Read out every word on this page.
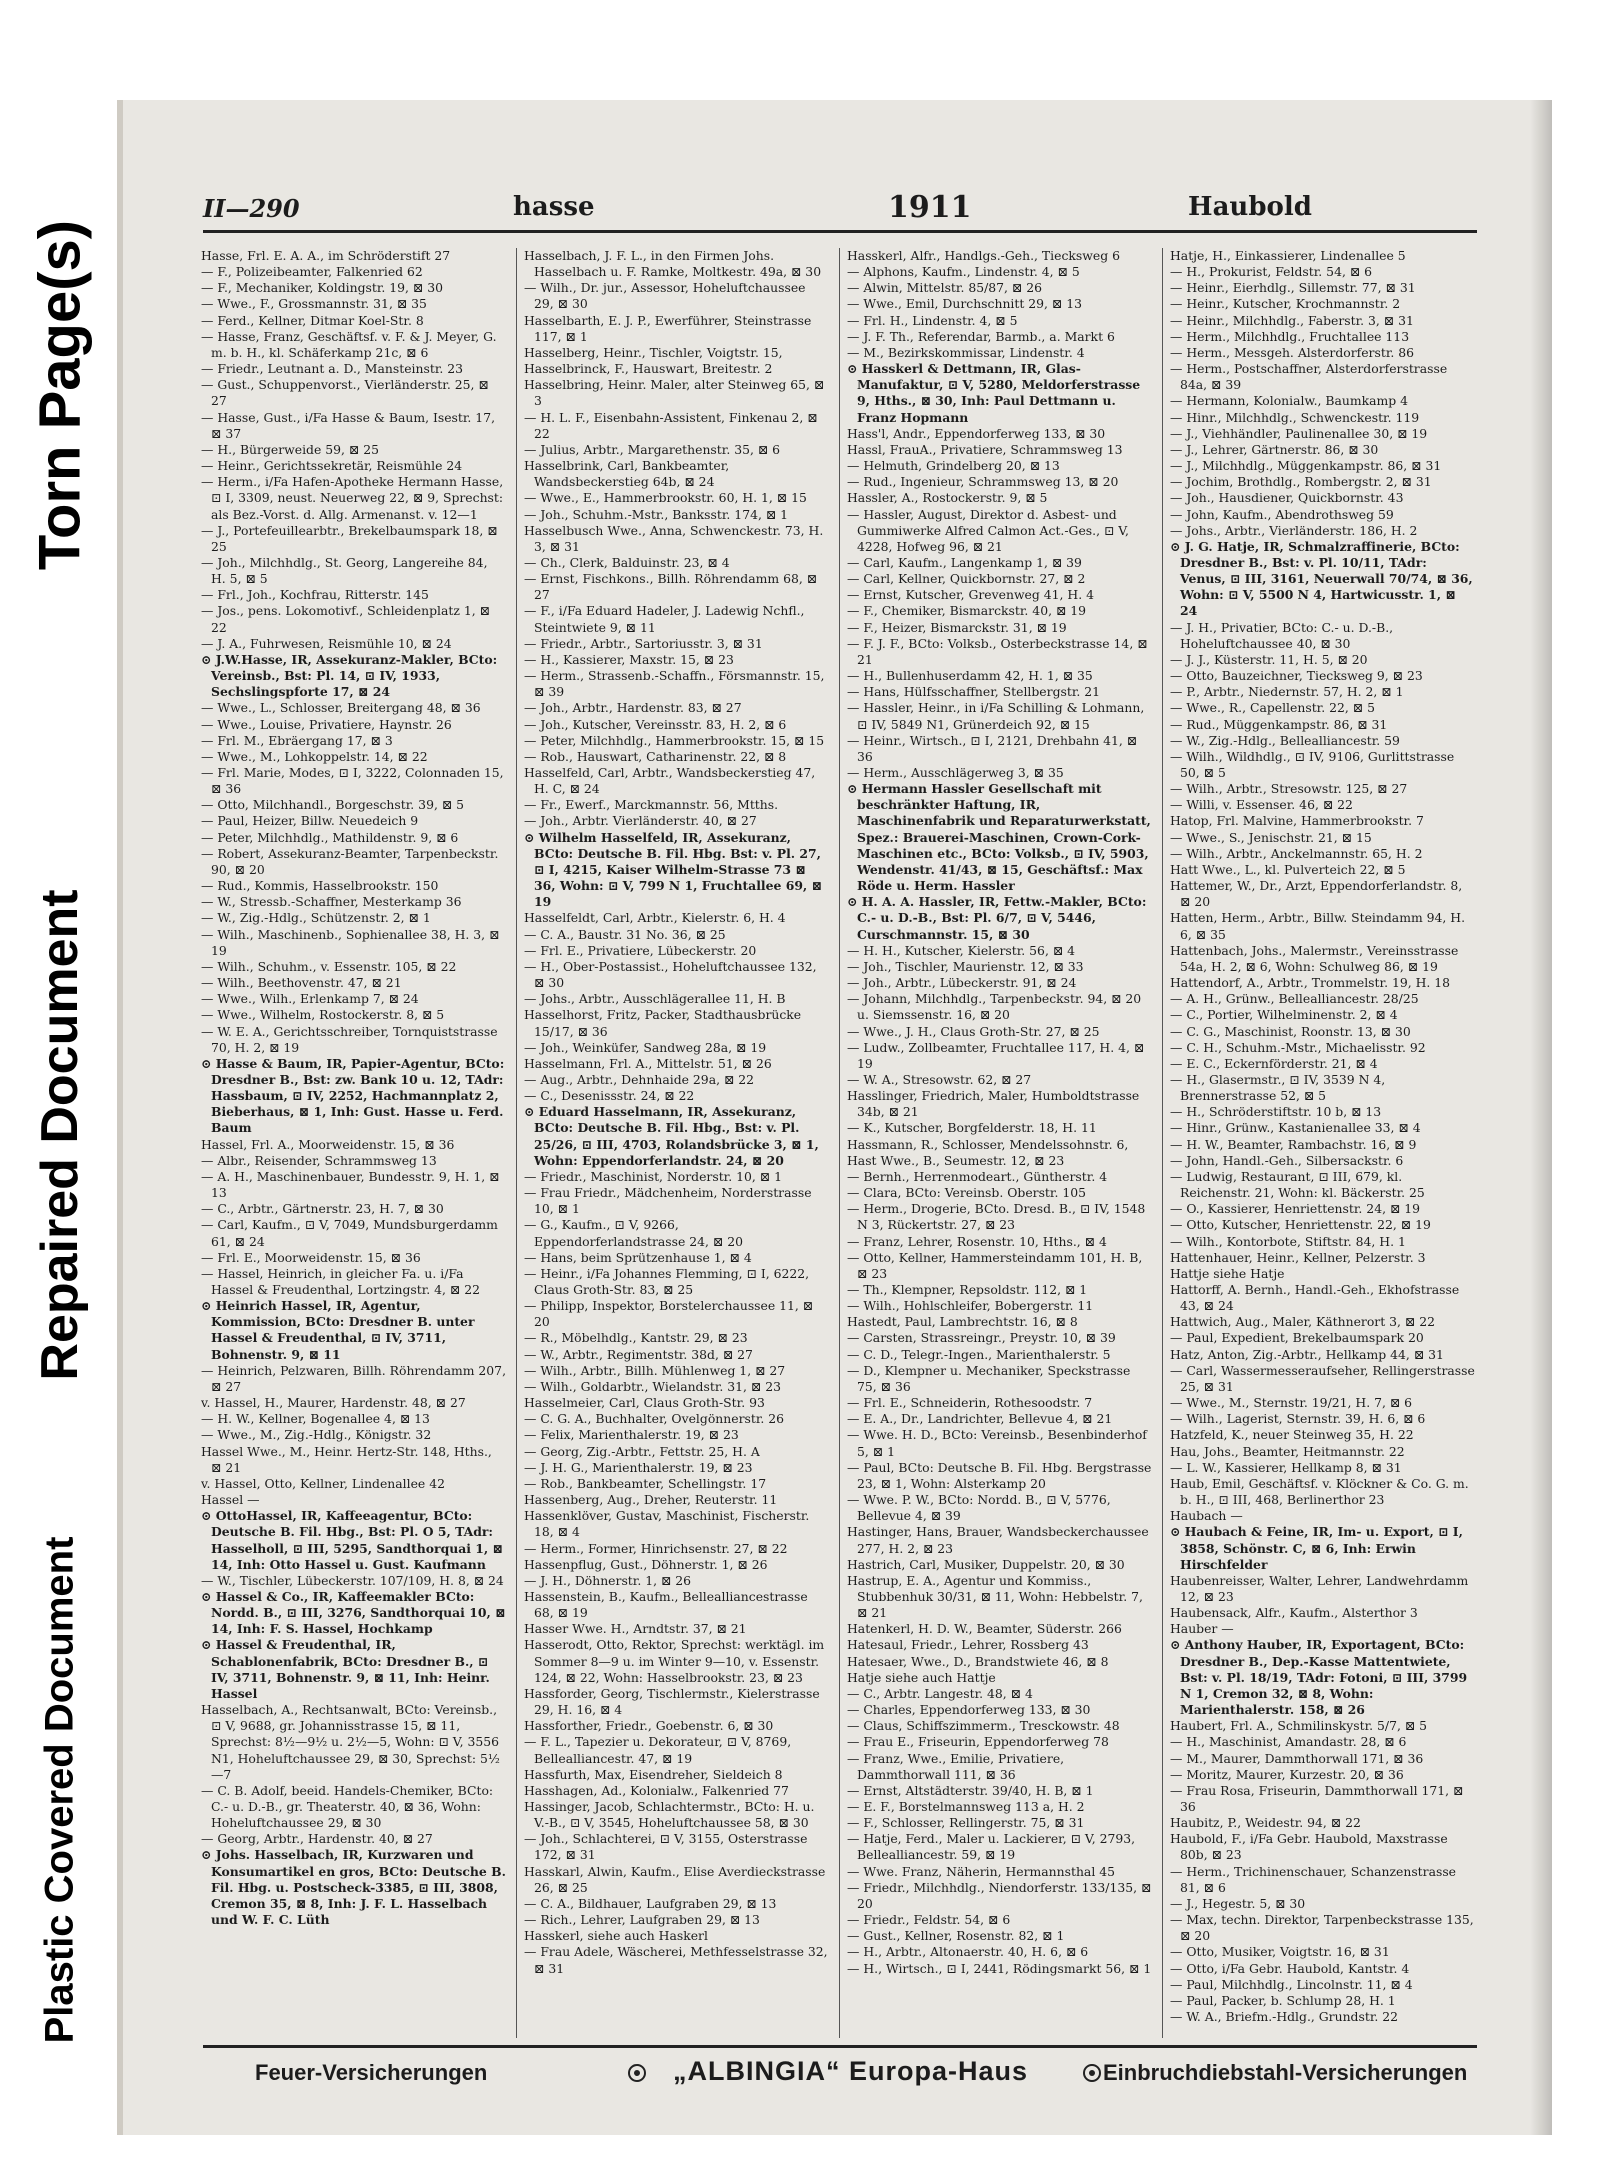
Torn Page(s)
Repaired Document
Plastic Covered Document
II—290	hasse	1911	Haubold

Hasse, Frl. E. A. A., im Schröderstift 27

— F., Polizeibeamter, Falkenried 62

— F., Mechaniker, Koldingstr. 19, ⊠ 30

— Wwe., F., Grossmannstr. 31, ⊠ 35

— Ferd., Kellner, Ditmar Koel-Str. 8

— Hasse, Franz, Geschäftsf. v. F. & J. Meyer, G. m. b. H., kl. Schäferkamp 21c, ⊠ 6

— Friedr., Leutnant a. D., Mansteinstr. 23

— Gust., Schuppenvorst., Vierländerstr. 25, ⊠ 27

— Hasse, Gust., i/Fa Hasse & Baum, Isestr. 17, ⊠ 37

— H., Bürgerweide 59, ⊠ 25

— Heinr., Gerichtssekretär, Reismühle 24

— Herm., i/Fa Hafen-Apotheke Hermann Hasse, ⊡ I, 3309, neust. Neuerweg 22, ⊠ 9, Sprechst: als Bez.-Vorst. d. Allg. Armenanst. v. 12—1

— J., Portefeuillearbtr., Brekelbaumspark 18, ⊠ 25

— Joh., Milchhdlg., St. Georg, Langereihe 84, H. 5, ⊠ 5

— Frl., Joh., Kochfrau, Ritterstr. 145

— Jos., pens. Lokomotivf., Schleidenplatz 1, ⊠ 22

— J. A., Fuhrwesen, Reismühle 10, ⊠ 24

⊙ J.W.Hasse, IR, Assekuranz-Makler, BCto: Vereinsb., Bst: Pl. 14, ⊡ IV, 1933, Sechslingspforte 17, ⊠ 24

— Wwe., L., Schlosser, Breitergang 48, ⊠ 36

— Wwe., Louise, Privatiere, Haynstr. 26

— Frl. M., Ebräergang 17, ⊠ 3

— Wwe., M., Lohkoppelstr. 14, ⊠ 22

— Frl. Marie, Modes, ⊡ I, 3222, Colonnaden 15, ⊠ 36

— Otto, Milchhandl., Borgeschstr. 39, ⊠ 5

— Paul, Heizer, Billw. Neuedeich 9

— Peter, Milchhdlg., Mathildenstr. 9, ⊠ 6

— Robert, Assekuranz-Beamter, Tarpenbeckstr. 90, ⊠ 20

— Rud., Kommis, Hasselbrookstr. 150

— W., Stressb.-Schaffner, Mesterkamp 36

— W., Zig.-Hdlg., Schützenstr. 2, ⊠ 1

— Wilh., Maschinenb., Sophienallee 38, H. 3, ⊠ 19

— Wilh., Schuhm., v. Essenstr. 105, ⊠ 22

— Wilh., Beethovenstr. 47, ⊠ 21

— Wwe., Wilh., Erlenkamp 7, ⊠ 24

— Wwe., Wilhelm, Rostockerstr. 8, ⊠ 5

— W. E. A., Gerichtsschreiber, Tornquiststrasse 70, H. 2, ⊠ 19

⊙ Hasse & Baum, IR, Papier-Agentur, BCto: Dresdner B., Bst: zw. Bank 10 u. 12, TAdr: Hassbaum, ⊡ IV, 2252, Hachmannplatz 2, Bieberhaus, ⊠ 1, Inh: Gust. Hasse u. Ferd. Baum

Hassel, Frl. A., Moorweidenstr. 15, ⊠ 36

— Albr., Reisender, Schrammsweg 13

— A. H., Maschinenbauer, Bundesstr. 9, H. 1, ⊠ 13

— C., Arbtr., Gärtnerstr. 23, H. 7, ⊠ 30

— Carl, Kaufm., ⊡ V, 7049, Mundsburgerdamm 61, ⊠ 24

— Frl. E., Moorweidenstr. 15, ⊠ 36

— Hassel, Heinrich, in gleicher Fa. u. i/Fa Hassel & Freudenthal, Lortzingstr. 4, ⊠ 22

⊙ Heinrich Hassel, IR, Agentur, Kommission, BCto: Dresdner B. unter Hassel & Freudenthal, ⊡ IV, 3711, Bohnenstr. 9, ⊠ 11

— Heinrich, Pelzwaren, Billh. Röhrendamm 207, ⊠ 27

v. Hassel, H., Maurer, Hardenstr. 48, ⊠ 27

— H. W., Kellner, Bogenallee 4, ⊠ 13

— Wwe., M., Zig.-Hdlg., Königstr. 32

Hassel Wwe., M., Heinr. Hertz-Str. 148, Hths., ⊠ 21

v. Hassel, Otto, Kellner, Lindenallee 42

Hassel —

⊙ OttoHassel, IR, Kaffeeagentur, BCto: Deutsche B. Fil. Hbg., Bst: Pl. O 5, TAdr: Hasselholl, ⊡ III, 5295, Sandthorquai 1, ⊠ 14, Inh: Otto Hassel u. Gust. Kaufmann

— W., Tischler, Lübeckerstr. 107/109, H. 8, ⊠ 24

⊙ Hassel & Co., IR, Kaffeemakler BCto: Nordd. B., ⊡ III, 3276, Sandthorquai 10, ⊠ 14, Inh: F. S. Hassel, Hochkamp

⊙ Hassel & Freudenthal, IR, Schablonenfabrik, BCto: Dresdner B., ⊡ IV, 3711, Bohnenstr. 9, ⊠ 11, Inh: Heinr. Hassel

Hasselbach, A., Rechtsanwalt, BCto: Vereinsb., ⊡ V, 9688, gr. Johannisstrasse 15, ⊠ 11, Sprechst: 8½—9½ u. 2½—5, Wohn: ⊡ V, 3556 N1, Hoheluftchaussee 29, ⊠ 30, Sprechst: 5½—7

— C. B. Adolf, beeid. Handels-Chemiker, BCto: C.- u. D.-B., gr. Theaterstr. 40, ⊠ 36, Wohn: Hoheluftchaussee 29, ⊠ 30

— Georg, Arbtr., Hardenstr. 40, ⊠ 27

⊙ Johs. Hasselbach, IR, Kurzwaren und Konsumartikel en gros, BCto: Deutsche B. Fil. Hbg. u. Postscheck-3385, ⊡ III, 3808, Cremon 35, ⊠ 8, Inh: J. F. L. Hasselbach und W. F. C. Lüth

Hasselbach, J. F. L., in den Firmen Johs. Hasselbach u. F. Ramke, Moltkestr. 49a, ⊠ 30

— Wilh., Dr. jur., Assessor, Hoheluftchaussee 29, ⊠ 30

Hasselbarth, E. J. P., Ewerführer, Steinstrasse 117, ⊠ 1

Hasselberg, Heinr., Tischler, Voigtstr. 15,

Hasselbrinck, F., Hauswart, Breitestr. 2

Hasselbring, Heinr. Maler, alter Steinweg 65, ⊠ 3

— H. L. F., Eisenbahn-Assistent, Finkenau 2, ⊠ 22

— Julius, Arbtr., Margarethenstr. 35, ⊠ 6

Hasselbrink, Carl, Bankbeamter, Wandsbeckerstieg 64b, ⊠ 24

— Wwe., E., Hammerbrookstr. 60, H. 1, ⊠ 15

— Joh., Schuhm.-Mstr., Banksstr. 174, ⊠ 1

Hasselbusch Wwe., Anna, Schwenckestr. 73, H. 3, ⊠ 31

— Ch., Clerk, Balduinstr. 23, ⊠ 4

— Ernst, Fischkons., Billh. Röhrendamm 68, ⊠ 27

— F., i/Fa Eduard Hadeler, J. Ladewig Nchfl., Steintwiete 9, ⊠ 11

— Friedr., Arbtr., Sartoriusstr. 3, ⊠ 31

— H., Kassierer, Maxstr. 15, ⊠ 23

— Herm., Strassenb.-Schaffn., Försmannstr. 15, ⊠ 39

— Joh., Arbtr., Hardenstr. 83, ⊠ 27

— Joh., Kutscher, Vereinsstr. 83, H. 2, ⊠ 6

— Peter, Milchhdlg., Hammerbrookstr. 15, ⊠ 15

— Rob., Hauswart, Catharinenstr. 22, ⊠ 8

Hasselfeld, Carl, Arbtr., Wandsbeckerstieg 47, H. C, ⊠ 24

— Fr., Ewerf., Marckmannstr. 56, Mtths.

— Joh., Arbtr. Vierländerstr. 40, ⊠ 27

⊙ Wilhelm Hasselfeld, IR, Assekuranz, BCto: Deutsche B. Fil. Hbg. Bst: v. Pl. 27, ⊡ I, 4215, Kaiser Wilhelm-Strasse 73 ⊠ 36, Wohn: ⊡ V, 799 N 1, Fruchtallee 69, ⊠ 19

Hasselfeldt, Carl, Arbtr., Kielerstr. 6, H. 4

— C. A., Baustr. 31 No. 36, ⊠ 25

— Frl. E., Privatiere, Lübeckerstr. 20

— H., Ober-Postassist., Hoheluftchaussee 132, ⊠ 30

— Johs., Arbtr., Ausschlägerallee 11, H. B

Hasselhorst, Fritz, Packer, Stadthausbrücke 15/17, ⊠ 36

— Joh., Weinküfer, Sandweg 28a, ⊠ 19

Hasselmann, Frl. A., Mittelstr. 51, ⊠ 26

— Aug., Arbtr., Dehnhaide 29a, ⊠ 22

— C., Desenissstr. 24, ⊠ 22

⊙ Eduard Hasselmann, IR, Assekuranz, BCto: Deutsche B. Fil. Hbg., Bst: v. Pl. 25/26, ⊡ III, 4703, Rolandsbrücke 3, ⊠ 1, Wohn: Eppendorferlandstr. 24, ⊠ 20

— Friedr., Maschinist, Norderstr. 10, ⊠ 1

— Frau Friedr., Mädchenheim, Norderstrasse 10, ⊠ 1

— G., Kaufm., ⊡ V, 9266, Eppendorferlandstrasse 24, ⊠ 20

— Hans, beim Sprützenhause 1, ⊠ 4

— Heinr., i/Fa Johannes Flemming, ⊡ I, 6222, Claus Groth-Str. 83, ⊠ 25

— Philipp, Inspektor, Borstelerchaussee 11, ⊠ 20

— R., Möbelhdlg., Kantstr. 29, ⊠ 23

— W., Arbtr., Regimentstr. 38d, ⊠ 27

— Wilh., Arbtr., Billh. Mühlenweg 1, ⊠ 27

— Wilh., Goldarbtr., Wielandstr. 31, ⊠ 23

Hasselmeier, Carl, Claus Groth-Str. 93

— C. G. A., Buchhalter, Ovelgönnerstr. 26

— Felix, Marienthalerstr. 19, ⊠ 23

— Georg, Zig.-Arbtr., Fettstr. 25, H. A

— J. H. G., Marienthalerstr. 19, ⊠ 23

— Rob., Bankbeamter, Schellingstr. 17

Hassenberg, Aug., Dreher, Reuterstr. 11

Hassenklöver, Gustav, Maschinist, Fischerstr. 18, ⊠ 4

— Herm., Former, Hinrichsenstr. 27, ⊠ 22

Hassenpflug, Gust., Döhnerstr. 1, ⊠ 26

— J. H., Döhnerstr. 1, ⊠ 26

Hassenstein, B., Kaufm., Bellealliancestrasse 68, ⊠ 19

Hasser Wwe. H., Arndtstr. 37, ⊠ 21

Hasserodt, Otto, Rektor, Sprechst: werktägl. im Sommer 8—9 u. im Winter 9—10, v. Essenstr. 124, ⊠ 22, Wohn: Hasselbrookstr. 23, ⊠ 23

Hassforder, Georg, Tischlermstr., Kielerstrasse 29, H. 16, ⊠ 4

Hassforther, Friedr., Goebenstr. 6, ⊠ 30

— F. L., Tapezier u. Dekorateur, ⊡ V, 8769, Bellealliancestr. 47, ⊠ 19

Hassfurth, Max, Eisendreher, Sieldeich 8

Hasshagen, Ad., Kolonialw., Falkenried 77

Hassinger, Jacob, Schlachtermstr., BCto: H. u. V.-B., ⊡ V, 3545, Hoheluftchaussee 58, ⊠ 30

— Joh., Schlachterei, ⊡ V, 3155, Osterstrasse 172, ⊠ 31

Hasskarl, Alwin, Kaufm., Elise Averdieckstrasse 26, ⊠ 25

— C. A., Bildhauer, Laufgraben 29, ⊠ 13

— Rich., Lehrer, Laufgraben 29, ⊠ 13

Hasskerl, siehe auch Haskerl

— Frau Adele, Wäscherei, Methfesselstrasse 32, ⊠ 31

Hasskerl, Alfr., Handlgs.-Geh., Tiecksweg 6

— Alphons, Kaufm., Lindenstr. 4, ⊠ 5

— Alwin, Mittelstr. 85/87, ⊠ 26

— Wwe., Emil, Durchschnitt 29, ⊠ 13

— Frl. H., Lindenstr. 4, ⊠ 5

— J. F. Th., Referendar, Barmb., a. Markt 6

— M., Bezirkskommissar, Lindenstr. 4

⊙ Hasskerl & Dettmann, IR, Glas-Manufaktur, ⊡ V, 5280, Meldorferstrasse 9, Hths., ⊠ 30, Inh: Paul Dettmann u. Franz Hopmann

Hass'l, Andr., Eppendorferweg 133, ⊠ 30

Hassl, FrauA., Privatiere, Schrammsweg 13

— Helmuth, Grindelberg 20, ⊠ 13

— Rud., Ingenieur, Schrammsweg 13, ⊠ 20

Hassler, A., Rostockerstr. 9, ⊠ 5

— Hassler, August, Direktor d. Asbest- und Gummiwerke Alfred Calmon Act.-Ges., ⊡ V, 4228, Hofweg 96, ⊠ 21

— Carl, Kaufm., Langenkamp 1, ⊠ 39

— Carl, Kellner, Quickbornstr. 27, ⊠ 2

— Ernst, Kutscher, Grevenweg 41, H. 4

— F., Chemiker, Bismarckstr. 40, ⊠ 19

— F., Heizer, Bismarckstr. 31, ⊠ 19

— F. J. F., BCto: Volksb., Osterbeckstrasse 14, ⊠ 21

— H., Bullenhuserdamm 42, H. 1, ⊠ 35

— Hans, Hülfsschaffner, Stellbergstr. 21

— Hassler, Heinr., in i/Fa Schilling & Lohmann, ⊡ IV, 5849 N1, Grünerdeich 92, ⊠ 15

— Heinr., Wirtsch., ⊡ I, 2121, Drehbahn 41, ⊠ 36

— Herm., Ausschlägerweg 3, ⊠ 35

⊙ Hermann Hassler Gesellschaft mit beschränkter Haftung, IR, Maschinenfabrik und Reparaturwerkstatt, Spez.: Brauerei-Maschinen, Crown-Cork-Maschinen etc., BCto: Volksb., ⊡ IV, 5903, Wendenstr. 41/43, ⊠ 15, Geschäftsf.: Max Röde u. Herm. Hassler

⊙ H. A. A. Hassler, IR, Fettw.-Makler, BCto: C.- u. D.-B., Bst: Pl. 6/7, ⊡ V, 5446, Curschmannstr. 15, ⊠ 30

— H. H., Kutscher, Kielerstr. 56, ⊠ 4

— Joh., Tischler, Maurienstr. 12, ⊠ 33

— Joh., Arbtr., Lübeckerstr. 91, ⊠ 24

— Johann, Milchhdlg., Tarpenbeckstr. 94, ⊠ 20 u. Siemssenstr. 16, ⊠ 20

— Wwe., J. H., Claus Groth-Str. 27, ⊠ 25

— Ludw., Zollbeamter, Fruchtallee 117, H. 4, ⊠ 19

— W. A., Stresowstr. 62, ⊠ 27

Hasslinger, Friedrich, Maler, Humboldtstrasse 34b, ⊠ 21

— K., Kutscher, Borgfelderstr. 18, H. 11

Hassmann, R., Schlosser, Mendelssohnstr. 6,

Hast Wwe., B., Seumestr. 12, ⊠ 23

— Bernh., Herrenmodeart., Güntherstr. 4

— Clara, BCto: Vereinsb. Oberstr. 105

— Herm., Drogerie, BCto. Dresd. B., ⊡ IV, 1548 N 3, Rückertstr. 27, ⊠ 23

— Franz, Lehrer, Rosenstr. 10, Hths., ⊠ 4

— Otto, Kellner, Hammersteindamm 101, H. B, ⊠ 23

— Th., Klempner, Repsoldstr. 112, ⊠ 1

— Wilh., Hohlschleifer, Bobergerstr. 11

Hastedt, Paul, Lambrechtstr. 16, ⊠ 8

— Carsten, Strassreingr., Preystr. 10, ⊠ 39

— C. D., Telegr.-Ingen., Marienthalerstr. 5

— D., Klempner u. Mechaniker, Speckstrasse 75, ⊠ 36

— Frl. E., Schneiderin, Rothesoodstr. 7

— E. A., Dr., Landrichter, Bellevue 4, ⊠ 21

— Wwe. H. D., BCto: Vereinsb., Besenbinderhof 5, ⊠ 1

— Paul, BCto: Deutsche B. Fil. Hbg. Bergstrasse 23, ⊠ 1, Wohn: Alsterkamp 20

— Wwe. P. W., BCto: Nordd. B., ⊡ V, 5776, Bellevue 4, ⊠ 39

Hastinger, Hans, Brauer, Wandsbeckerchaussee 277, H. 2, ⊠ 23

Hastrich, Carl, Musiker, Duppelstr. 20, ⊠ 30

Hastrup, E. A., Agentur und Kommiss., Stubbenhuk 30/31, ⊠ 11, Wohn: Hebbelstr. 7, ⊠ 21

Hatenkerl, H. D. W., Beamter, Süderstr. 266

Hatesaul, Friedr., Lehrer, Rossberg 43

Hatesaer, Wwe., D., Brandstwiete 46, ⊠ 8

Hatje siehe auch Hattje

— C., Arbtr. Langestr. 48, ⊠ 4

— Charles, Eppendorferweg 133, ⊠ 30

— Claus, Schiffszimmerm., Tresckowstr. 48

— Frau E., Friseurin, Eppendorferweg 78

— Franz, Wwe., Emilie, Privatiere, Dammthorwall 111, ⊠ 36

— Ernst, Altstädterstr. 39/40, H. B, ⊠ 1

— E. F., Borstelmannsweg 113 a, H. 2

— F., Schlosser, Rellingerstr. 75, ⊠ 31

— Hatje, Ferd., Maler u. Lackierer, ⊡ V, 2793, Bellealliancestr. 59, ⊠ 19

— Wwe. Franz, Näherin, Hermannsthal 45

— Friedr., Milchhdlg., Niendorferstr. 133/135, ⊠ 20

— Friedr., Feldstr. 54, ⊠ 6

— Gust., Kellner, Rosenstr. 82, ⊠ 1

— H., Arbtr., Altonaerstr. 40, H. 6, ⊠ 6

— H., Wirtsch., ⊡ I, 2441, Rödingsmarkt 56, ⊠ 1

Hatje, H., Einkassierer, Lindenallee 5

— H., Prokurist, Feldstr. 54, ⊠ 6

— Heinr., Eierhdlg., Sillemstr. 77, ⊠ 31

— Heinr., Kutscher, Krochmannstr. 2

— Heinr., Milchhdlg., Faberstr. 3, ⊠ 31

— Herm., Milchhdlg., Fruchtallee 113

— Herm., Messgeh. Alsterdorferstr. 86

— Herm., Postschaffner, Alsterdorferstrasse 84a, ⊠ 39

— Hermann, Kolonialw., Baumkamp 4

— Hinr., Milchhdlg., Schwenckestr. 119

— J., Viehhändler, Paulinenallee 30, ⊠ 19

— J., Lehrer, Gärtnerstr. 86, ⊠ 30

— J., Milchhdlg., Müggenkampstr. 86, ⊠ 31

— Jochim, Brothdlg., Rombergstr. 2, ⊠ 31

— Joh., Hausdiener, Quickbornstr. 43

— John, Kaufm., Abendrothsweg 59

— Johs., Arbtr., Vierländerstr. 186, H. 2

⊙ J. G. Hatje, IR, Schmalzraffinerie, BCto: Dresdner B., Bst: v. Pl. 10/11, TAdr: Venus, ⊡ III, 3161, Neuerwall 70/74, ⊠ 36, Wohn: ⊡ V, 5500 N 4, Hartwicusstr. 1, ⊠ 24

— J. H., Privatier, BCto: C.- u. D.-B., Hoheluftchaussee 40, ⊠ 30

— J. J., Küsterstr. 11, H. 5, ⊠ 20

— Otto, Bauzeichner, Tiecksweg 9, ⊠ 23

— P., Arbtr., Niedernstr. 57, H. 2, ⊠ 1

— Wwe., R., Capellenstr. 22, ⊠ 5

— Rud., Müggenkampstr. 86, ⊠ 31

— W., Zig.-Hdlg., Bellealliancestr. 59

— Wilh., Wildhdlg., ⊡ IV, 9106, Gurlittstrasse 50, ⊠ 5

— Wilh., Arbtr., Stresowstr. 125, ⊠ 27

— Willi, v. Essenser. 46, ⊠ 22

Hatop, Frl. Malvine, Hammerbrookstr. 7

— Wwe., S., Jenischstr. 21, ⊠ 15

— Wilh., Arbtr., Anckelmannstr. 65, H. 2

Hatt Wwe., L., kl. Pulverteich 22, ⊠ 5

Hattemer, W., Dr., Arzt, Eppendorferlandstr. 8, ⊠ 20

Hatten, Herm., Arbtr., Billw. Steindamm 94, H. 6, ⊠ 35

Hattenbach, Johs., Malermstr., Vereinsstrasse 54a, H. 2, ⊠ 6, Wohn: Schulweg 86, ⊠ 19

Hattendorf, A., Arbtr., Trommelstr. 19, H. 18

— A. H., Grünw., Bellealliancestr. 28/25

— C., Portier, Wilhelminenstr. 2, ⊠ 4

— C. G., Maschinist, Roonstr. 13, ⊠ 30

— C. H., Schuhm.-Mstr., Michaelisstr. 92

— E. C., Eckernförderstr. 21, ⊠ 4

— H., Glasermstr., ⊡ IV, 3539 N 4, Brennerstrasse 52, ⊠ 5

— H., Schröderstiftstr. 10 b, ⊠ 13

— Hinr., Grünw., Kastanienallee 33, ⊠ 4

— H. W., Beamter, Rambachstr. 16, ⊠ 9

— John, Handl.-Geh., Silbersackstr. 6

— Ludwig, Restaurant, ⊡ III, 679, kl. Reichenstr. 21, Wohn: kl. Bäckerstr. 25

— O., Kassierer, Henriettenstr. 24, ⊠ 19

— Otto, Kutscher, Henriettenstr. 22, ⊠ 19

— Wilh., Kontorbote, Stiftstr. 84, H. 1

Hattenhauer, Heinr., Kellner, Pelzerstr. 3

Hattje siehe Hatje

Hattorff, A. Bernh., Handl.-Geh., Ekhofstrasse 43, ⊠ 24

Hattwich, Aug., Maler, Käthnerort 3, ⊠ 22

— Paul, Expedient, Brekelbaumspark 20

Hatz, Anton, Zig.-Arbtr., Hellkamp 44, ⊠ 31

— Carl, Wassermesseraufseher, Rellingerstrasse 25, ⊠ 31

— Wwe., M., Sternstr. 19/21, H. 7, ⊠ 6

— Wilh., Lagerist, Sternstr. 39, H. 6, ⊠ 6

Hatzfeld, K., neuer Steinweg 35, H. 22

Hau, Johs., Beamter, Heitmannstr. 22

— L. W., Kassierer, Hellkamp 8, ⊠ 31

Haub, Emil, Geschäftsf. v. Klöckner & Co. G. m. b. H., ⊡ III, 468, Berlinerthor 23

Haubach —

⊙ Haubach & Feine, IR, Im- u. Export, ⊡ I, 3858, Schönstr. C, ⊠ 6, Inh: Erwin Hirschfelder

Haubenreisser, Walter, Lehrer, Landwehrdamm 12, ⊠ 23

Haubensack, Alfr., Kaufm., Alsterthor 3

Hauber —

⊙ Anthony Hauber, IR, Exportagent, BCto: Dresdner B., Dep.-Kasse Mattentwiete, Bst: v. Pl. 18/19, TAdr: Fotoni, ⊡ III, 3799 N 1, Cremon 32, ⊠ 8, Wohn: Marienthalerstr. 158, ⊠ 26

Haubert, Frl. A., Schmilinskystr. 5/7, ⊠ 5

— H., Maschinist, Amandastr. 28, ⊠ 6

— M., Maurer, Dammthorwall 171, ⊠ 36

— Moritz, Maurer, Kurzestr. 20, ⊠ 36

— Frau Rosa, Friseurin, Dammthorwall 171, ⊠ 36

Haubitz, P., Weidestr. 94, ⊠ 22

Haubold, F., i/Fa Gebr. Haubold, Maxstrasse 80b, ⊠ 23

— Herm., Trichinenschauer, Schanzenstrasse 81, ⊠ 6

— J., Hegestr. 5, ⊠ 30

— Max, techn. Direktor, Tarpenbeckstrasse 135, ⊠ 20

— Otto, Musiker, Voigtstr. 16, ⊠ 31

— Otto, i/Fa Gebr. Haubold, Kantstr. 4

— Paul, Milchhdlg., Lincolnstr. 11, ⊠ 4

— Paul, Packer, b. Schlump 28, H. 1

— W. A., Briefm.-Hdlg., Grundstr. 22

Feuer-Versicherungen	„ALBINGIA“ Europa-Haus	Einbruchdiebstahl-Versicherungen
